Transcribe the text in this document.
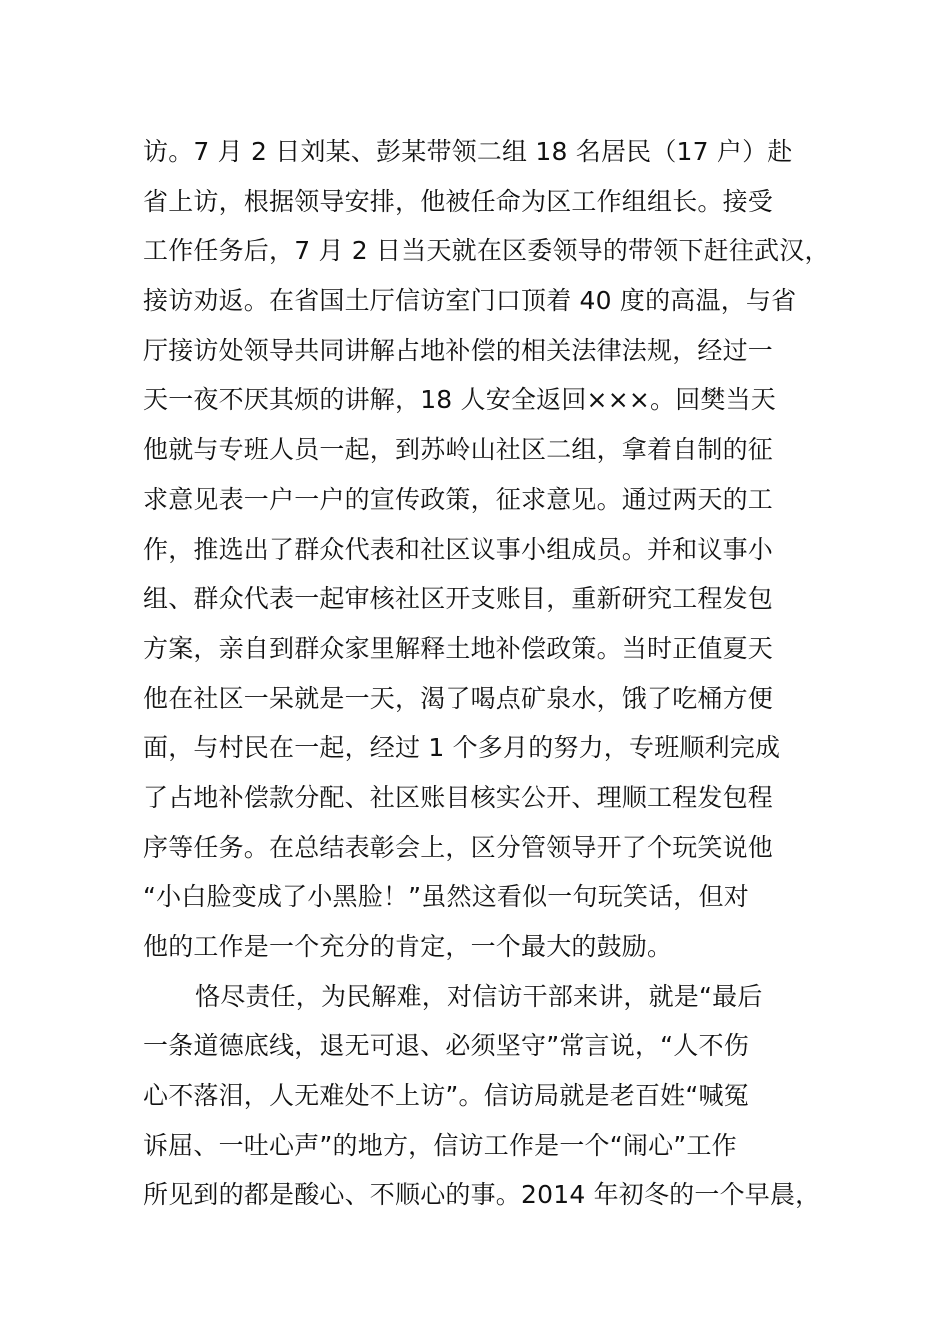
访。7 月 2 日刘某、彭某带领二组 18 名居民（17 户）赴
省上访，根据领导安排，他被任命为区工作组组长。接受
工作任务后，7 月 2 日当天就在区委领导的带领下赶往武汉，
接访劝返。在省国土厅信访室门口顶着 40 度的高温，与省
厅接访处领导共同讲解占地补偿的相关法律法规，经过一
天一夜不厌其烦的讲解，18 人安全返回×××。回樊当天
他就与专班人员一起，到苏岭山社区二组，拿着自制的征
求意见表一户一户的宣传政策，征求意见。通过两天的工
作，推选出了群众代表和社区议事小组成员。并和议事小
组、群众代表一起审核社区开支账目，重新研究工程发包
方案，亲自到群众家里解释土地补偿政策。当时正值夏天
他在社区一呆就是一天，渴了喝点矿泉水，饿了吃桶方便
面，与村民在一起，经过 1 个多月的努力，专班顺利完成
了占地补偿款分配、社区账目核实公开、理顺工程发包程
序等任务。在总结表彰会上，区分管领导开了个玩笑说他
“小白脸变成了小黑脸！”虽然这看似一句玩笑话，但对
他的工作是一个充分的肯定，一个最大的鼓励。
恪尽责任，为民解难，对信访干部来讲，就是“最后
一条道德底线，退无可退、必须坚守”常言说，“人不伤
心不落泪，人无难处不上访”。信访局就是老百姓“喊冤
诉屈、一吐心声”的地方，信访工作是一个“闹心”工作
所见到的都是酸心、不顺心的事。2014 年初冬的一个早晨，
